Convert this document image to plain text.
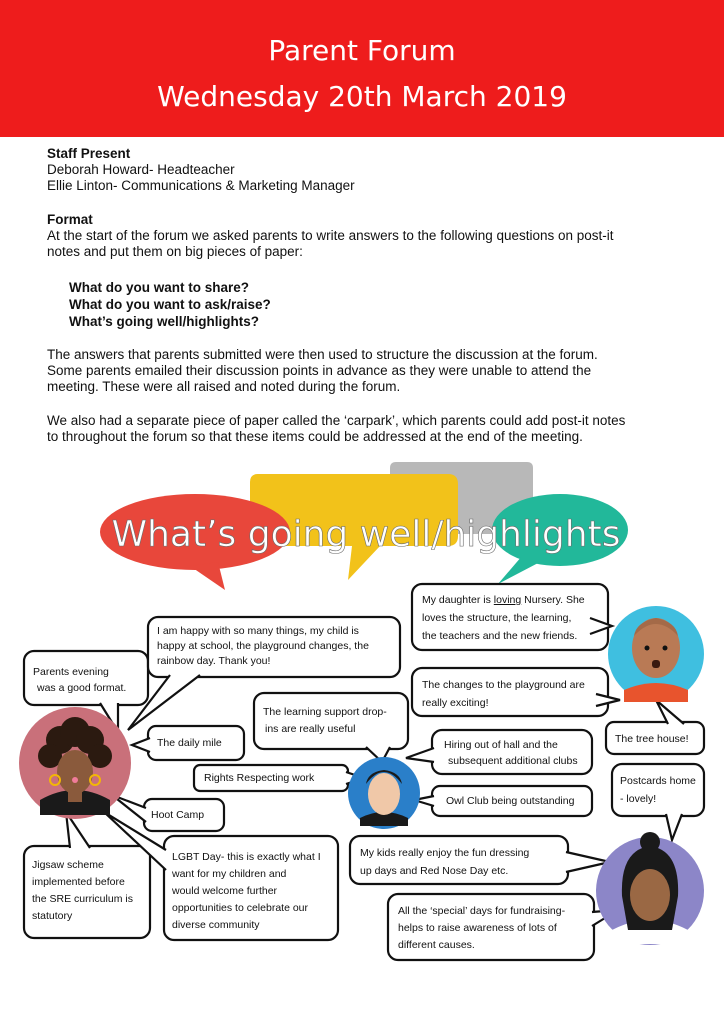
Parent Forum
Wednesday 20th March 2019
Staff Present
Deborah Howard- Headteacher
Ellie Linton- Communications & Marketing Manager
Format
At the start of the forum we asked parents to write answers to the following questions on post-it
notes and put them on big pieces of paper:
What do you want to share?
What do you want to ask/raise?
What’s going well/highlights?
The answers that parents submitted were then used to structure the discussion at the forum.
Some parents emailed their discussion points in advance as they were unable to attend the
meeting. These were all raised and noted during the forum.
We also had a separate piece of paper called the ‘carpark’, which parents could add post-it notes
to throughout the forum so that these items could be addressed at the end of the meeting.
What’s going well/highlights
Parents evening
was a good format.
I am happy with so many things, my child is
happy at school, the playground changes, the
rainbow day. Thank you!
The daily mile
Hoot Camp
Jigsaw scheme
implemented before
the SRE curriculum is
statutory
LGBT Day- this is exactly what I
want for my children and
would welcome further
opportunities to celebrate our
diverse community
The learning support drop-
ins are really useful
Rights Respecting work
Hiring out of hall and the
subsequent additional clubs
Owl Club being outstanding
My daughter is loving Nursery. She
loves the structure, the learning,
the teachers and the new friends.
The changes to the playground are
really exciting!
The tree house!
Postcards home
- lovely!
My kids really enjoy the fun dressing
up days and Red Nose Day etc.
All the ‘special’ days for fundraising-
helps to raise awareness of lots of
different causes.
